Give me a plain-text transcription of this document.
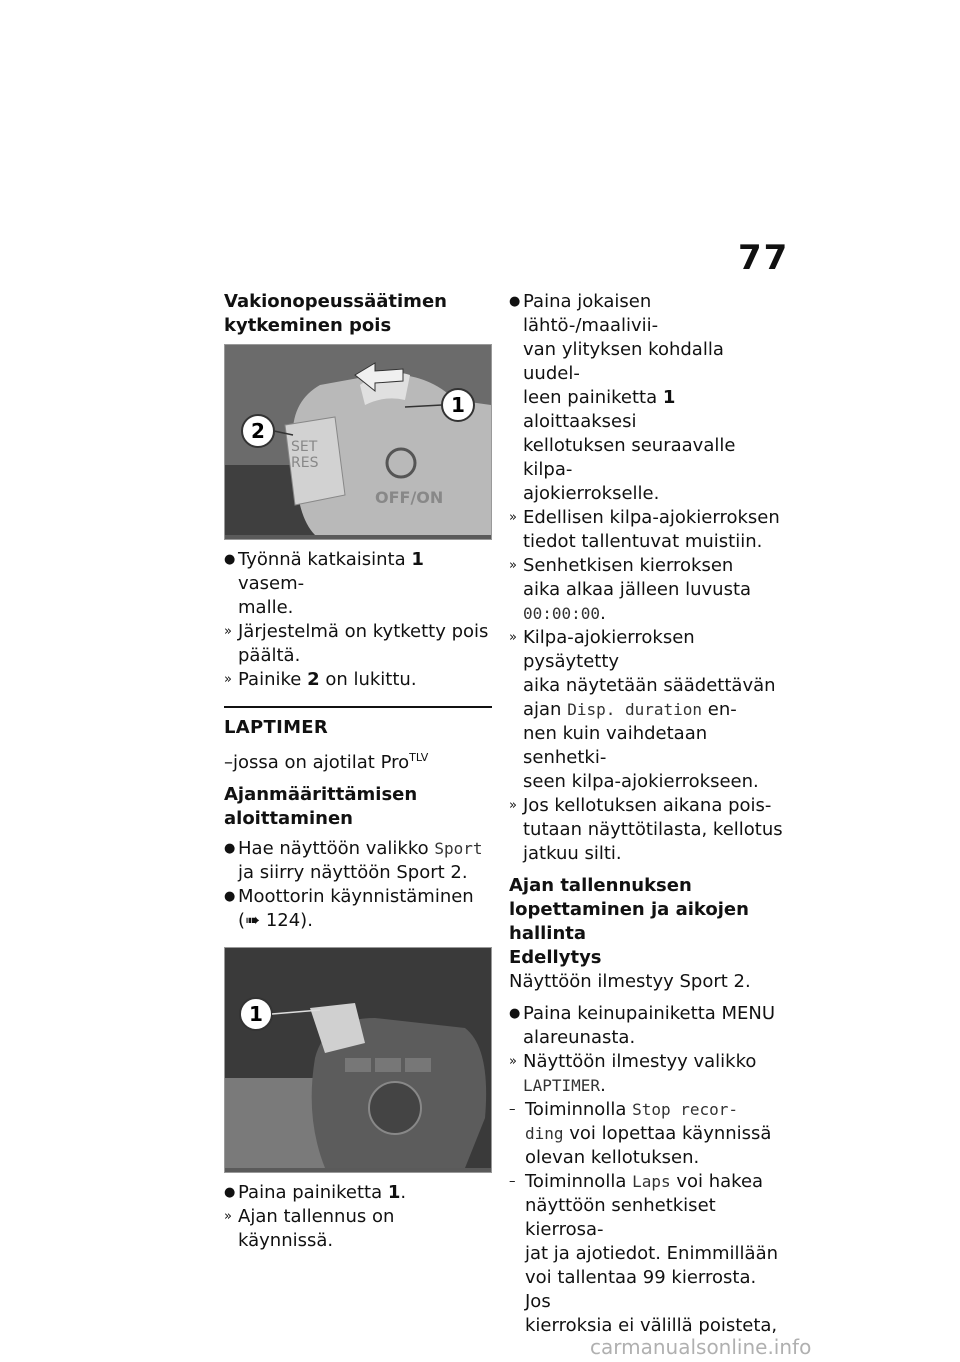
77
Vakionopeussäätimen
kytkeminen pois
SET
RES
OFF/ON
1
2
● Työnnä katkaisinta 1 vasem-
malle.
» Järjestelmä on kytketty pois
päältä.
» Painike 2 on lukittu.
LAPTIMER
–jossa on ajotilat Pro$^{TLV}$
Ajanmäärittämisen
aloittaminen
● Hae näyttöön valikko Sport
ja siirry näyttöön Sport 2.
● Moottorin käynnistäminen
(➠ 124).
1
● Paina painiketta 1.
» Ajan tallennus on käynnissä.
● Paina jokaisen lähtö-/maalivii-
van ylityksen kohdalla uudel-
leen painiketta 1 aloittaaksesi
kellotuksen seuraavalle kilpa-
ajokierrokselle.
» Edellisen kilpa-ajokierroksen
tiedot tallentuvat muistiin.
» Senhetkisen kierroksen
aika alkaa jälleen luvusta
00:00:00.
» Kilpa-ajokierroksen pysäytetty
aika näytetään säädettävän
ajan Disp. duration en-
nen kuin vaihdetaan senhetki-
seen kilpa-ajokierrokseen.
» Jos kellotuksen aikana pois-
tutaan näyttötilasta, kellotus
jatkuu silti.
Ajan tallennuksen
lopettaminen ja aikojen
hallinta
Edellytys
Näyttöön ilmestyy Sport 2.
● Paina keinupainiketta MENU
alareunasta.
» Näyttöön ilmestyy valikko
LAPTIMER.
– Toiminnolla Stop recor-
ding voi lopettaa käynnissä
olevan kellotuksen.
– Toiminnolla Laps voi hakea
näyttöön senhetkiset kierrosa-
jat ja ajotiedot. Enimmillään
voi tallentaa 99 kierrosta. Jos
kierroksia ei välillä poisteta,
carmanualsonline.info
